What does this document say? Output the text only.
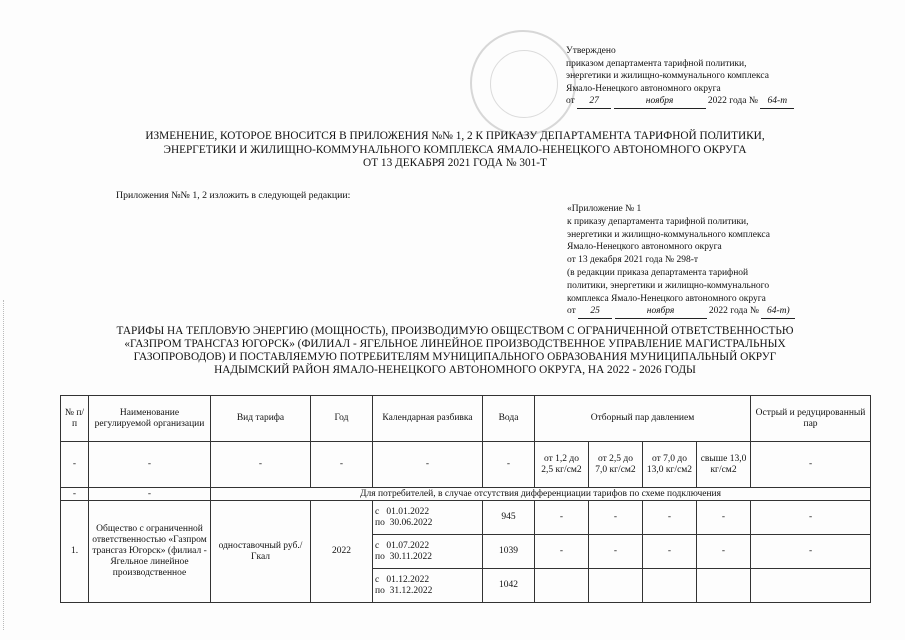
Утверждено
приказом департамента тарифной политики,
энергетики и жилищно-коммунального комплекса
Ямало-Ненецкого автономного округа
от 27	ноября	2022 года № 64-т
ИЗМЕНЕНИЕ, КОТОРОЕ ВНОСИТСЯ В ПРИЛОЖЕНИЯ №№ 1, 2 К ПРИКАЗУ ДЕПАРТАМЕНТА ТАРИФНОЙ ПОЛИТИКИ,
ЭНЕРГЕТИКИ И ЖИЛИЩНО-КОММУНАЛЬНОГО КОМПЛЕКСА ЯМАЛО-НЕНЕЦКОГО АВТОНОМНОГО ОКРУГА
ОТ 13 ДЕКАБРЯ 2021 ГОДА № 301-Т
Приложения №№ 1, 2 изложить в следующей редакции:
«Приложение № 1
к приказу департамента тарифной политики,
энергетики и жилищно-коммунального комплекса
Ямало-Ненецкого автономного округа
от 13 декабря 2021 года № 298-т
(в редакции приказа департамента тарифной
политики, энергетики и жилищно-коммунального
комплекса Ямало-Ненецкого автономного округа
от 25	ноября	2022 года № 64-т)
ТАРИФЫ НА ТЕПЛОВУЮ ЭНЕРГИЮ (МОЩНОСТЬ), ПРОИЗВОДИМУЮ ОБЩЕСТВОМ С ОГРАНИЧЕННОЙ ОТВЕТСТВЕННОСТЬЮ
«ГАЗПРОМ ТРАНСГАЗ ЮГОРСК» (ФИЛИАЛ - ЯГЕЛЬНОЕ ЛИНЕЙНОЕ ПРОИЗВОДСТВЕННОЕ УПРАВЛЕНИЕ МАГИСТРАЛЬНЫХ
ГАЗОПРОВОДОВ) И ПОСТАВЛЯЕМУЮ ПОТРЕБИТЕЛЯМ МУНИЦИПАЛЬНОГО ОБРАЗОВАНИЯ МУНИЦИПАЛЬНЫЙ ОКРУГ
НАДЫМСКИЙ РАЙОН ЯМАЛО-НЕНЕЦКОГО АВТОНОМНОГО ОКРУГА, НА 2022 - 2026 ГОДЫ
№ п/п	Наименование регулируемой организации	Вид тарифа	Год	Календарная разбивка	Вода	Отборный пар давлением				Острый и редуцированный пар
-	-	-	-	-	-	от 1,2 до 2,5 кг/см2	от 2,5 до 7,0 кг/см2	от 7,0 до 13,0 кг/см2	свыше 13,0 кг/см2	-
-	-	Для потребителей, в случае отсутствия дифференциации тарифов по схеме подключения								
1.	Общество с ограниченной ответственностью «Газпром трансгаз Югорск» (филиал - Ягельное линейное производственное	одноставочный руб./Гкал	2022	с 01.01.2022
по 30.06.2022	945	-	-	-	-	-

				с 01.07.2022
по 30.11.2022	1039	-	-	-	-	-

				с 01.12.2022
по 31.12.2022	1042					
